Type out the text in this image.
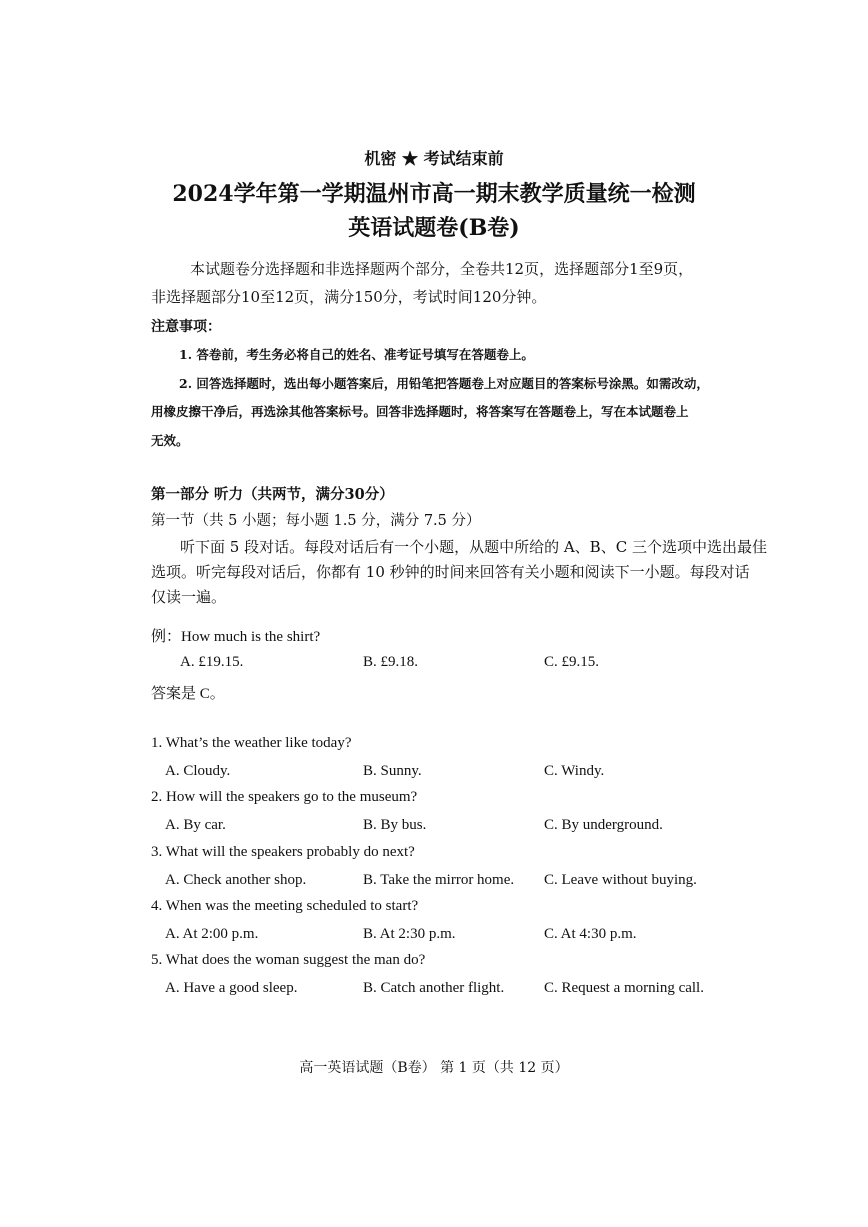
机密 ★ 考试结束前
2024学年第一学期温州市高一期末教学质量统一检测
英语试题卷(B卷)
本试题卷分选择题和非选择题两个部分，全卷共12页，选择题部分1至9页，
非选择题部分10至12页，满分150分，考试时间120分钟。
注意事项：
1. 答卷前，考生务必将自己的姓名、准考证号填写在答题卷上。
2. 回答选择题时，选出每小题答案后，用铅笔把答题卷上对应题目的答案标号涂黑。如需改动，
用橡皮擦干净后，再选涂其他答案标号。回答非选择题时，将答案写在答题卷上，写在本试题卷上
无效。
第一部分 听力（共两节，满分30分）
第一节（共 5 小题；每小题 1.5 分，满分 7.5 分）
听下面 5 段对话。每段对话后有一个小题，从题中所给的 A、B、C 三个选项中选出最佳
选项。听完每段对话后，你都有 10 秒钟的时间来回答有关小题和阅读下一小题。每段对话
仅读一遍。
例：How much is the shirt?
A. £19.15.	B. £9.18.	C. £9.15.
答案是 C。
1. What’s the weather like today?
A. Cloudy.	B. Sunny.	C. Windy.
2. How will the speakers go to the museum?
A. By car.	B. By bus.	C. By underground.
3. What will the speakers probably do next?
A. Check another shop.	B. Take the mirror home. C. Leave without buying.
4. When was the meeting scheduled to start?
A. At 2:00 p.m.	B. At 2:30 p.m.	C. At 4:30 p.m.
5. What does the woman suggest the man do?
A. Have a good sleep.	B. Catch another flight.	C. Request a morning call.
高一英语试题（B卷） 第 1 页（共 12 页）
